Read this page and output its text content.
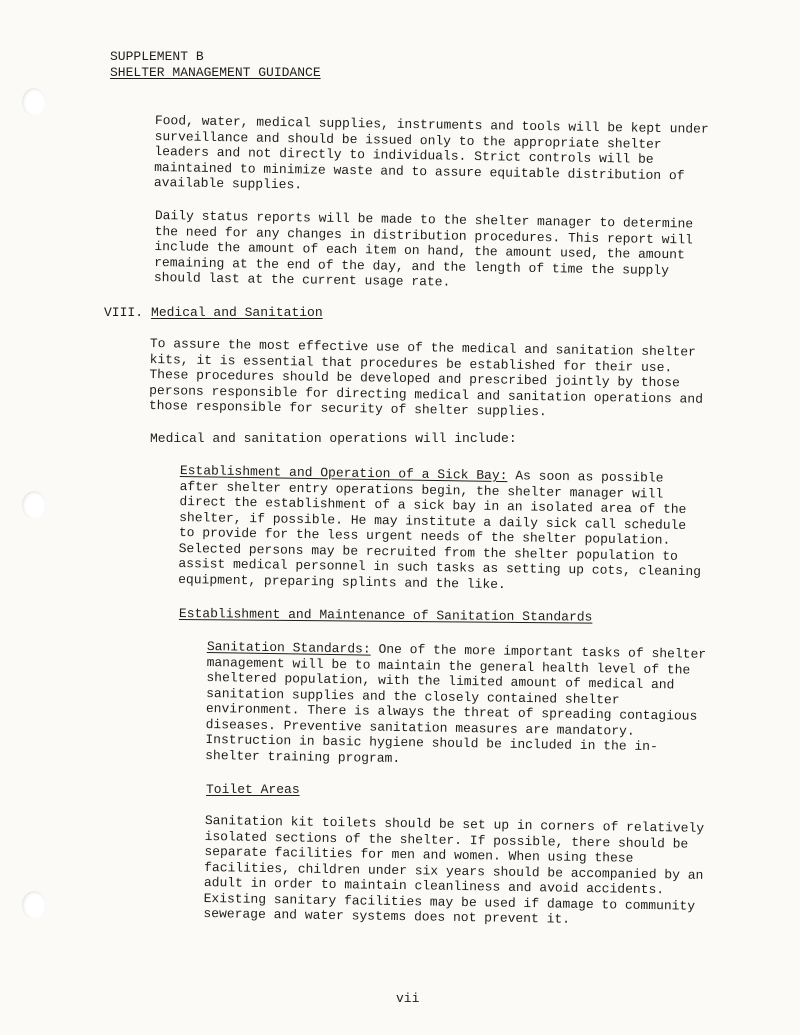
SUPPLEMENT B
SHELTER MANAGEMENT GUIDANCE

Food, water, medical supplies, instruments and tools will be kept under surveillance and should be issued only to the appropriate shelter leaders and not directly to individuals. Strict controls will be maintained to minimize waste and to assure equitable distribution of available supplies.

Daily status reports will be made to the shelter manager to determine the need for any changes in distribution procedures. This report will include the amount of each item on hand, the amount used, the amount remaining at the end of the day, and the length of time the supply should last at the current usage rate.

VIII. Medical and Sanitation

To assure the most effective use of the medical and sanitation shelter kits, it is essential that procedures be established for their use. These procedures should be developed and prescribed jointly by those persons responsible for directing medical and sanitation operations and those responsible for security of shelter supplies.

Medical and sanitation operations will include:

Establishment and Operation of a Sick Bay: As soon as possible after shelter entry operations begin, the shelter manager will direct the establishment of a sick bay in an isolated area of the shelter, if possible. He may institute a daily sick call schedule to provide for the less urgent needs of the shelter population. Selected persons may be recruited from the shelter population to assist medical personnel in such tasks as setting up cots, cleaning equipment, preparing splints and the like.

Establishment and Maintenance of Sanitation Standards

Sanitation Standards: One of the more important tasks of shelter management will be to maintain the general health level of the sheltered population, with the limited amount of medical and sanitation supplies and the closely contained shelter environment. There is always the threat of spreading contagious diseases. Preventive sanitation measures are mandatory. Instruction in basic hygiene should be included in the in-shelter training program.

Toilet Areas

Sanitation kit toilets should be set up in corners of relatively isolated sections of the shelter. If possible, there should be separate facilities for men and women. When using these facilities, children under six years should be accompanied by an adult in order to maintain cleanliness and avoid accidents. Existing sanitary facilities may be used if damage to community sewerage and water systems does not prevent it.

vii
